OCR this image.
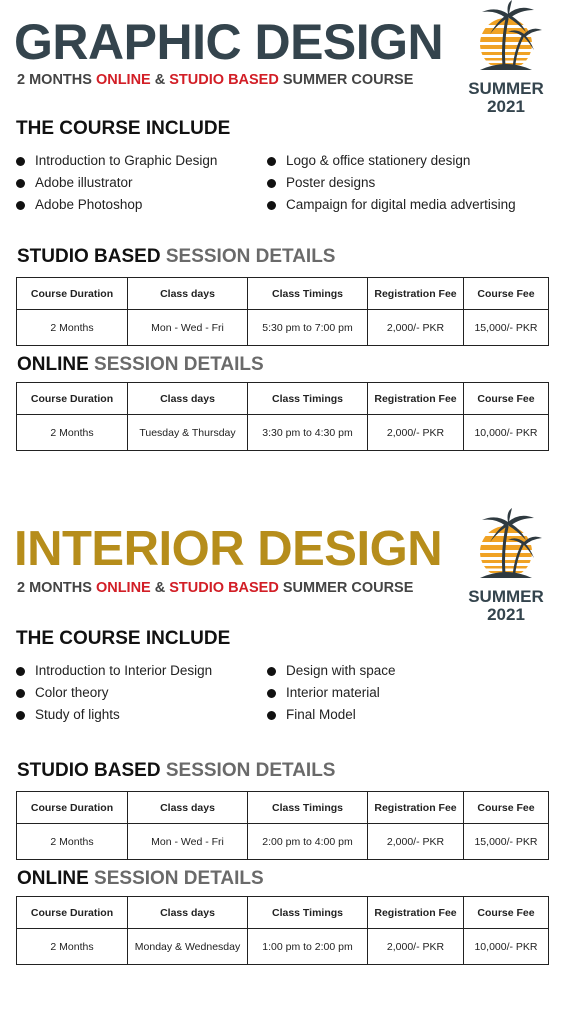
GRAPHIC DESIGN
2 MONTHS ONLINE & STUDIO BASED SUMMER COURSE	SUMMER
2021
THE COURSE INCLUDE
Introduction to Graphic Design
Adobe illustrator
Adobe Photoshop
Logo & office stationery design
Poster designs
Campaign for digital media advertising
STUDIO BASED SESSION DETAILS
Course Duration	Class days	Class Timings	Registration Fee	Course Fee
2 Months	Mon - Wed - Fri	5:30 pm to 7:00 pm	2,000/- PKR	15,000/- PKR
ONLINE SESSION DETAILS
Course Duration	Class days	Class Timings	Registration Fee	Course Fee
2 Months	Tuesday & Thursday	3:30 pm to 4:30 pm	2,000/- PKR	10,000/- PKR
INTERIOR DESIGN
2 MONTHS ONLINE & STUDIO BASED SUMMER COURSE	SUMMER
2021
THE COURSE INCLUDE
Introduction to Interior Design
Color theory
Study of lights
Design with space
Interior material
Final Model
STUDIO BASED SESSION DETAILS
Course Duration	Class days	Class Timings	Registration Fee	Course Fee
2 Months	Mon - Wed - Fri	2:00 pm to 4:00 pm	2,000/- PKR	15,000/- PKR
ONLINE SESSION DETAILS
Course Duration	Class days	Class Timings	Registration Fee	Course Fee
2 Months	Monday & Wednesday	1:00 pm to 2:00 pm	2,000/- PKR	10,000/- PKR
